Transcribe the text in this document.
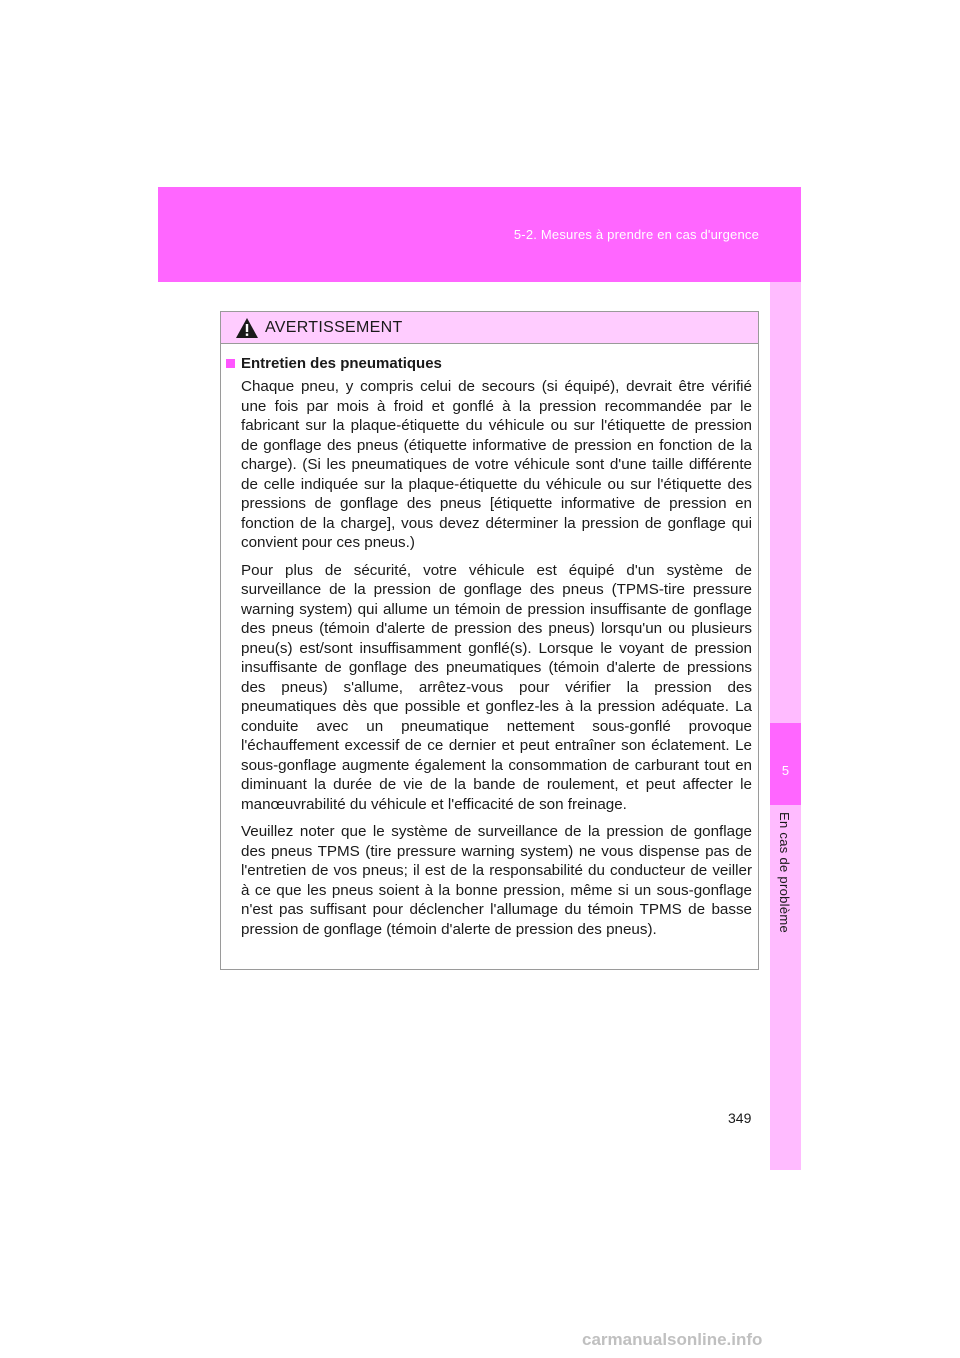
5-2. Mesures à prendre en cas d'urgence
5
En cas de problème
AVERTISSEMENT
Entretien des pneumatiques

Chaque pneu, y compris celui de secours (si équipé), devrait être vérifié une fois par mois à froid et gonflé à la pression recommandée par le fabricant sur la plaque-étiquette du véhicule ou sur l'étiquette de pression de gonflage des pneus (étiquette informative de pression en fonction de la charge). (Si les pneumatiques de votre véhicule sont d'une taille différente de celle indiquée sur la plaque-étiquette du véhicule ou sur l'étiquette des pressions de gonflage des pneus [étiquette informative de pression en fonction de la charge], vous devez déterminer la pression de gonflage qui convient pour ces pneus.)

Pour plus de sécurité, votre véhicule est équipé d'un système de surveillance de la pression de gonflage des pneus (TPMS-tire pressure warning system) qui allume un témoin de pression insuffisante de gonflage des pneus (témoin d'alerte de pression des pneus) lorsqu'un ou plusieurs pneu(s) est/sont insuffisamment gonflé(s). Lorsque le voyant de pression insuffisante de gonflage des pneumatiques (témoin d'alerte de pressions des pneus) s'allume, arrêtez-vous pour vérifier la pression des pneumatiques dès que possible et gonflez-les à la pression adéquate. La conduite avec un pneumatique nettement sous-gonflé provoque l'échauffement excessif de ce dernier et peut entraîner son éclatement. Le sous-gonflage augmente également la consommation de carburant tout en diminuant la durée de vie de la bande de roulement, et peut affecter le manœuvrabilité du véhicule et l'efficacité de son freinage.

Veuillez noter que le système de surveillance de la pression de gonflage des pneus TPMS (tire pressure warning system) ne vous dispense pas de l'entretien de vos pneus; il est de la responsabilité du conducteur de veiller à ce que les pneus soient à la bonne pression, même si un sous-gonflage n'est pas suffisant pour déclencher l'allumage du témoin TPMS de basse pression de gonflage (témoin d'alerte de pression des pneus).

349
carmanualsonline.info
